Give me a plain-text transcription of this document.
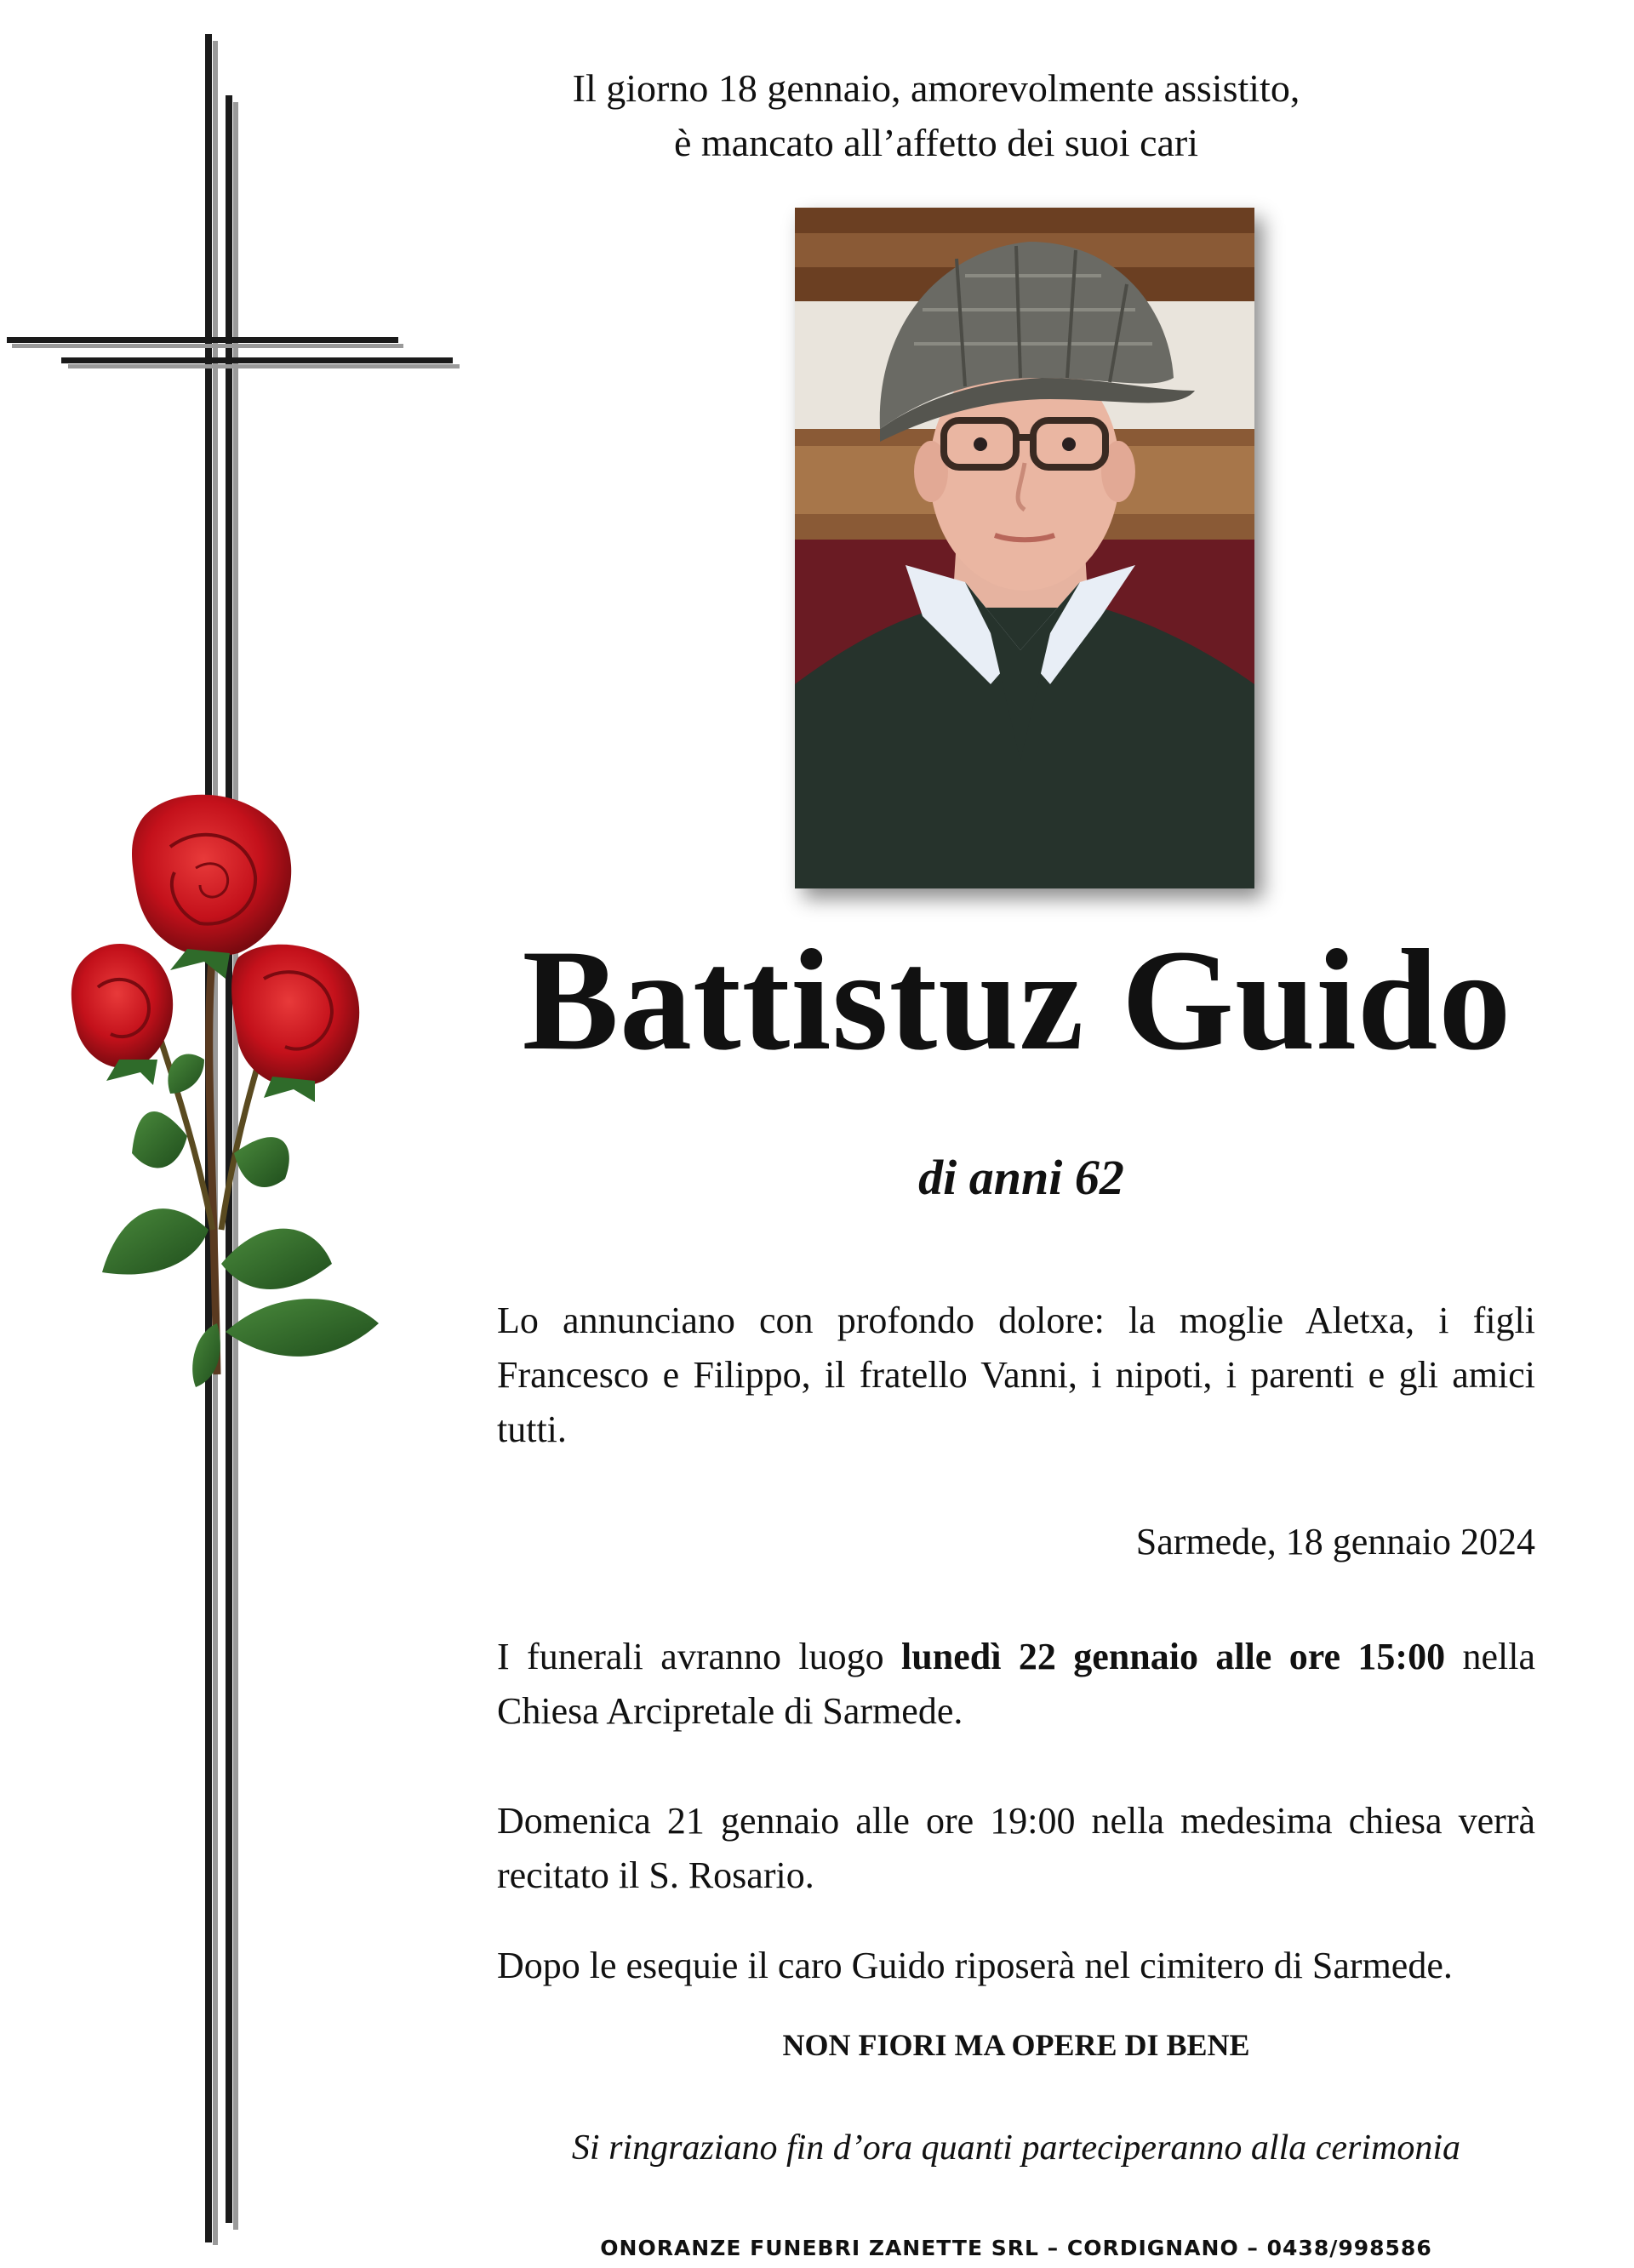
Il giorno 18 gennaio, amorevolmente assistito,
è mancato all’affetto dei suoi cari
Battistuz Guido
di anni 62
Lo annunciano con profondo dolore: la moglie Aletxa, i figli Francesco e Filippo, il fratello Vanni, i nipoti, i parenti e gli amici tutti.
Sarmede, 18 gennaio 2024
I funerali avranno luogo lunedì 22 gennaio alle ore 15:00 nella Chiesa Arcipretale di Sarmede.
Domenica 21 gennaio alle ore 19:00 nella medesima chiesa verrà recitato il S. Rosario.
Dopo le esequie il caro Guido riposerà nel cimitero di Sarmede.
NON FIORI MA OPERE DI BENE
Si ringraziano fin d’ora quanti parteciperanno alla cerimonia
ONORANZE FUNEBRI ZANETTE SRL – CORDIGNANO – 0438/998586
